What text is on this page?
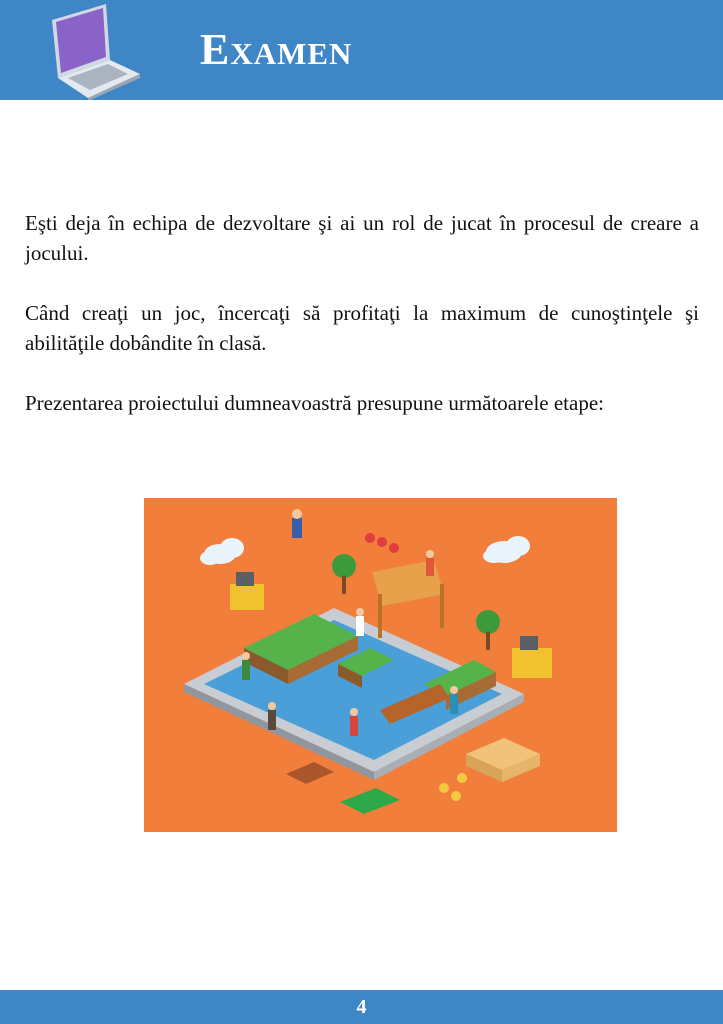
Examen

Eşti deja în echipa de dezvoltare şi ai un rol de jucat în procesul de creare a jocului.

Când creaţi un joc, încercaţi să profitaţi la maximum de cunoştinţele şi abilităţile dobândite în clasă.

Prezentarea proiectului dumneavoastră presupune următoarele etape:

4
